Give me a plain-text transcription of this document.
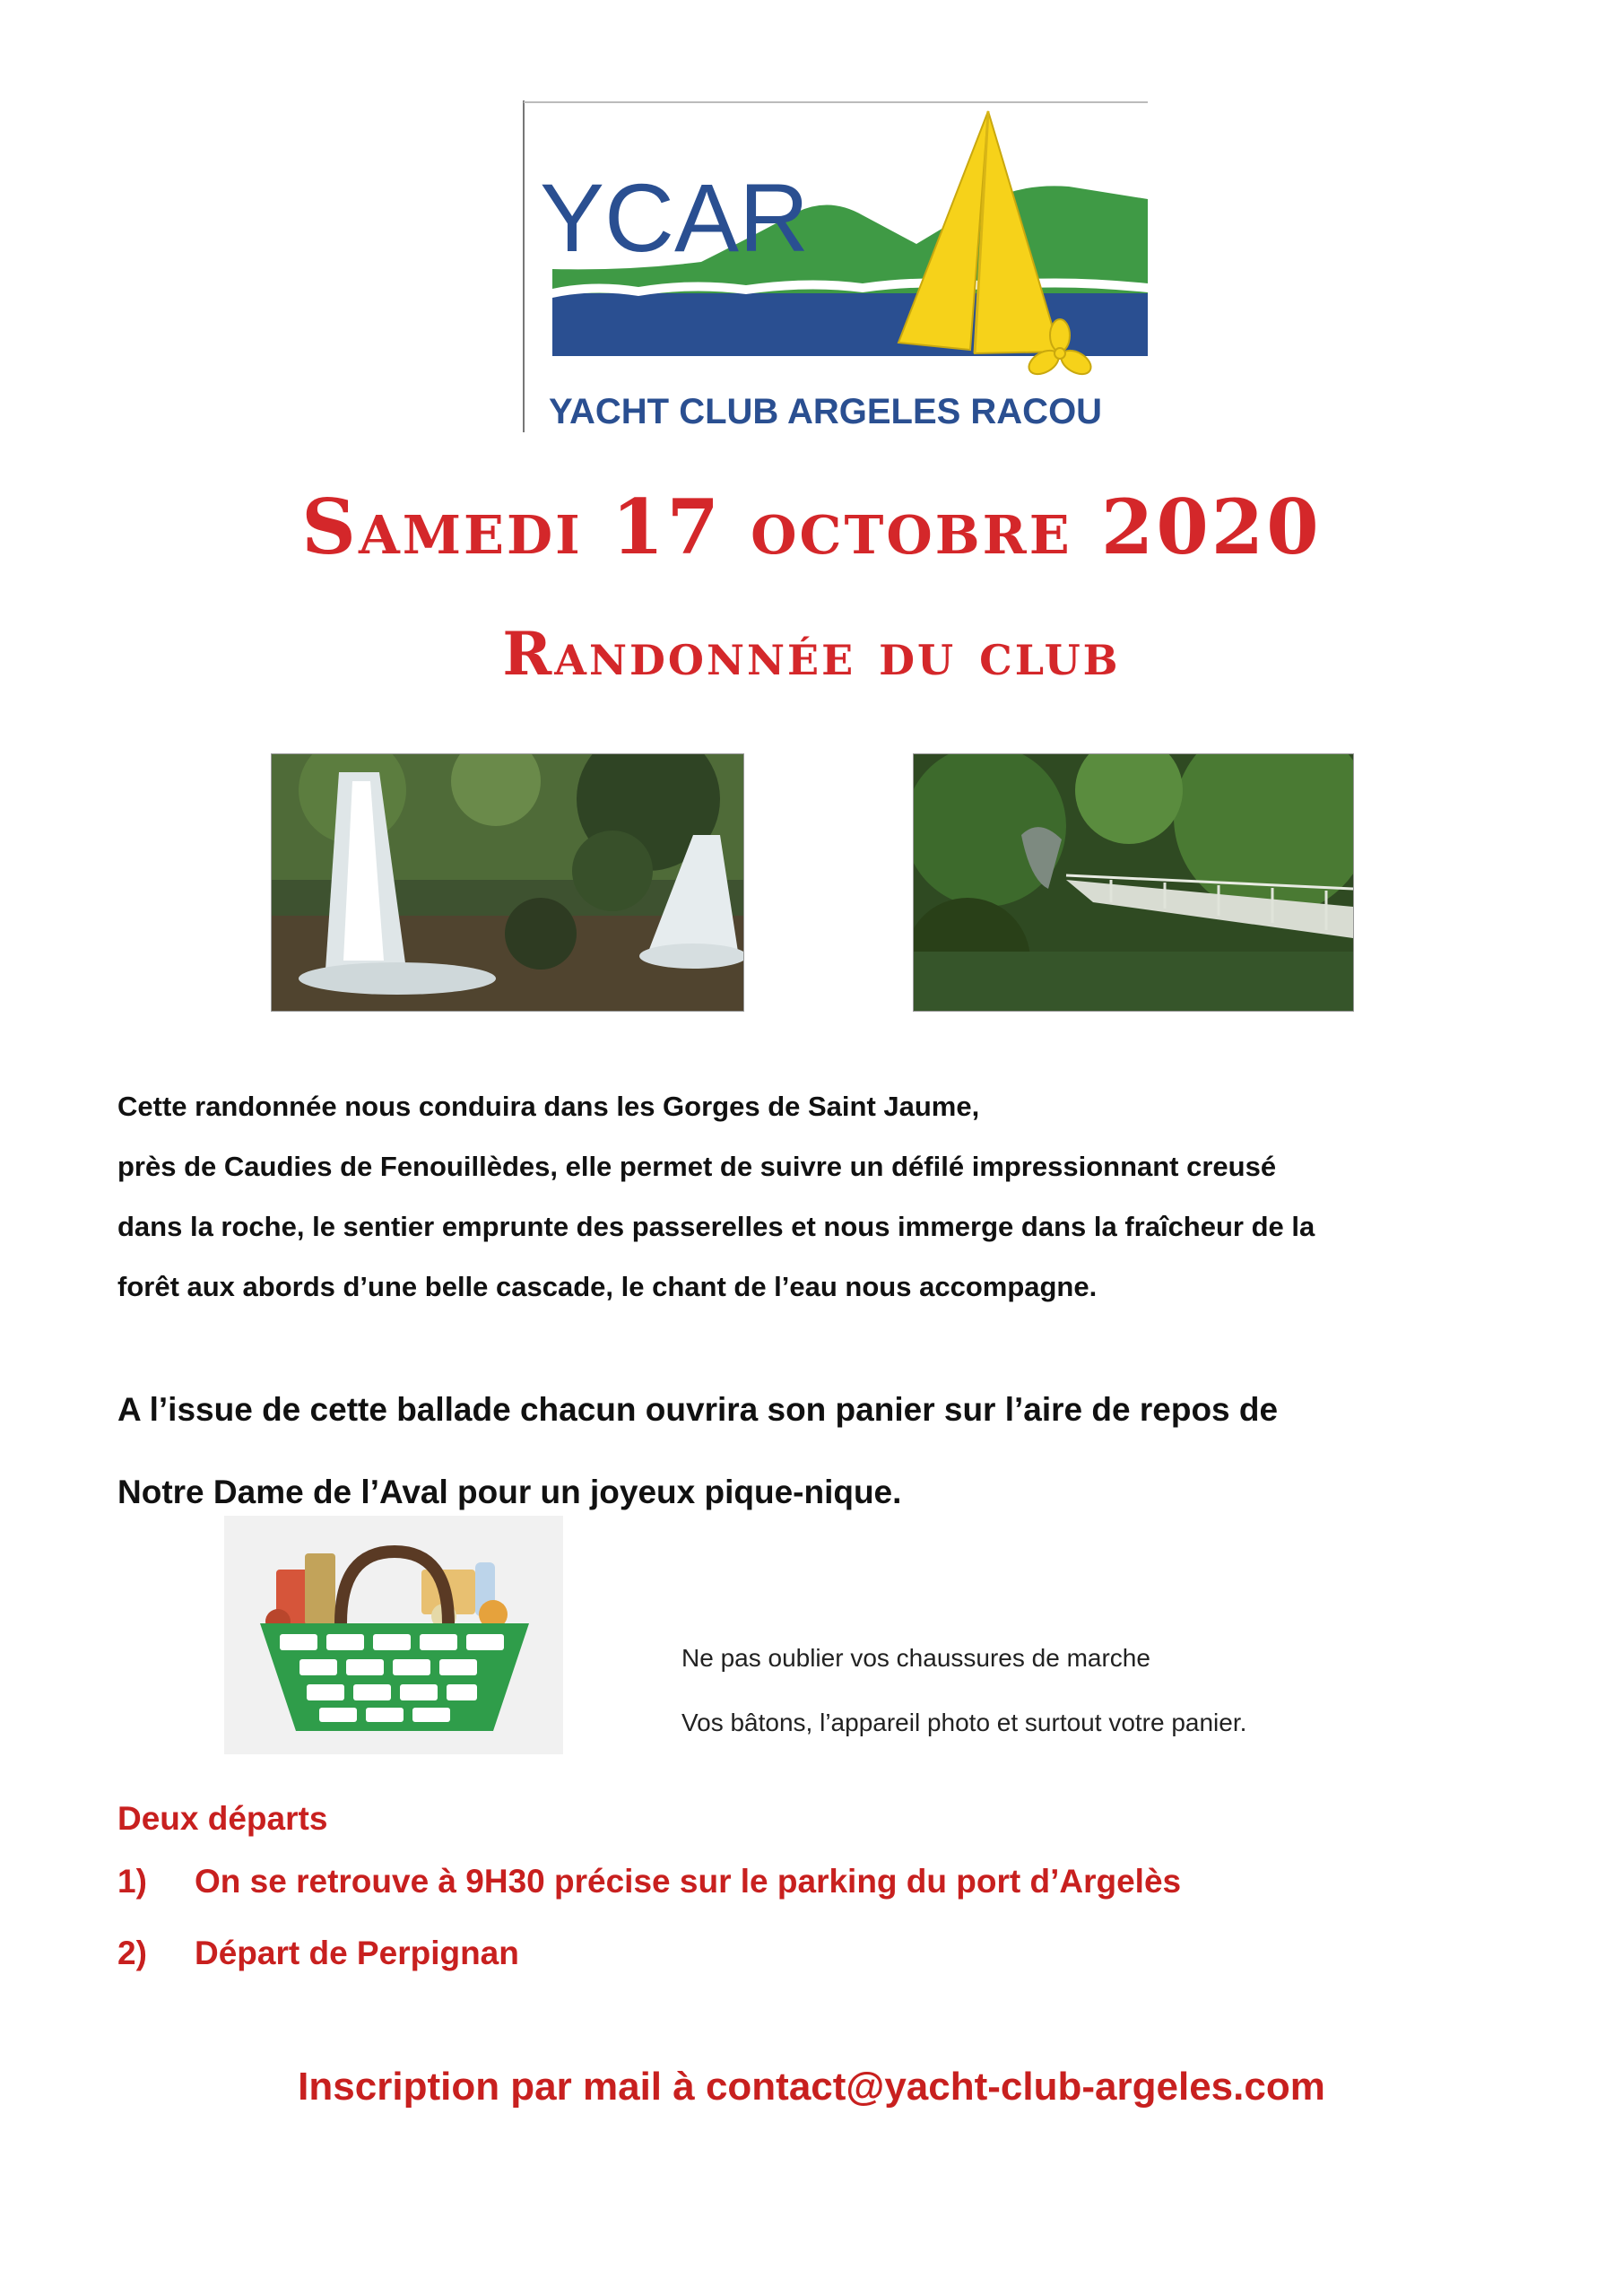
YCAR
YACHT CLUB ARGELES RACOU
Samedi 17 octobre 2020
Randonnée du club
Cette randonnée nous conduira dans les Gorges de Saint Jaume,
près de Caudies de Fenouillèdes, elle permet de suivre un défilé impressionnant creusé
dans la roche, le sentier emprunte des passerelles et nous immerge dans la fraîcheur de la
forêt aux abords d’une belle cascade, le chant de l’eau nous accompagne.
A l’issue de cette ballade chacun ouvrira son panier sur l’aire de repos de
Notre Dame de l’Aval pour un joyeux pique-nique.
Ne pas oublier vos chaussures de marche
Vos bâtons, l’appareil photo et surtout votre panier.
Deux départs
1)	On se retrouve à 9H30 précise sur le parking du port d’Argelès
2)	Départ de Perpignan
Inscription par mail à contact@yacht-club-argeles.com
